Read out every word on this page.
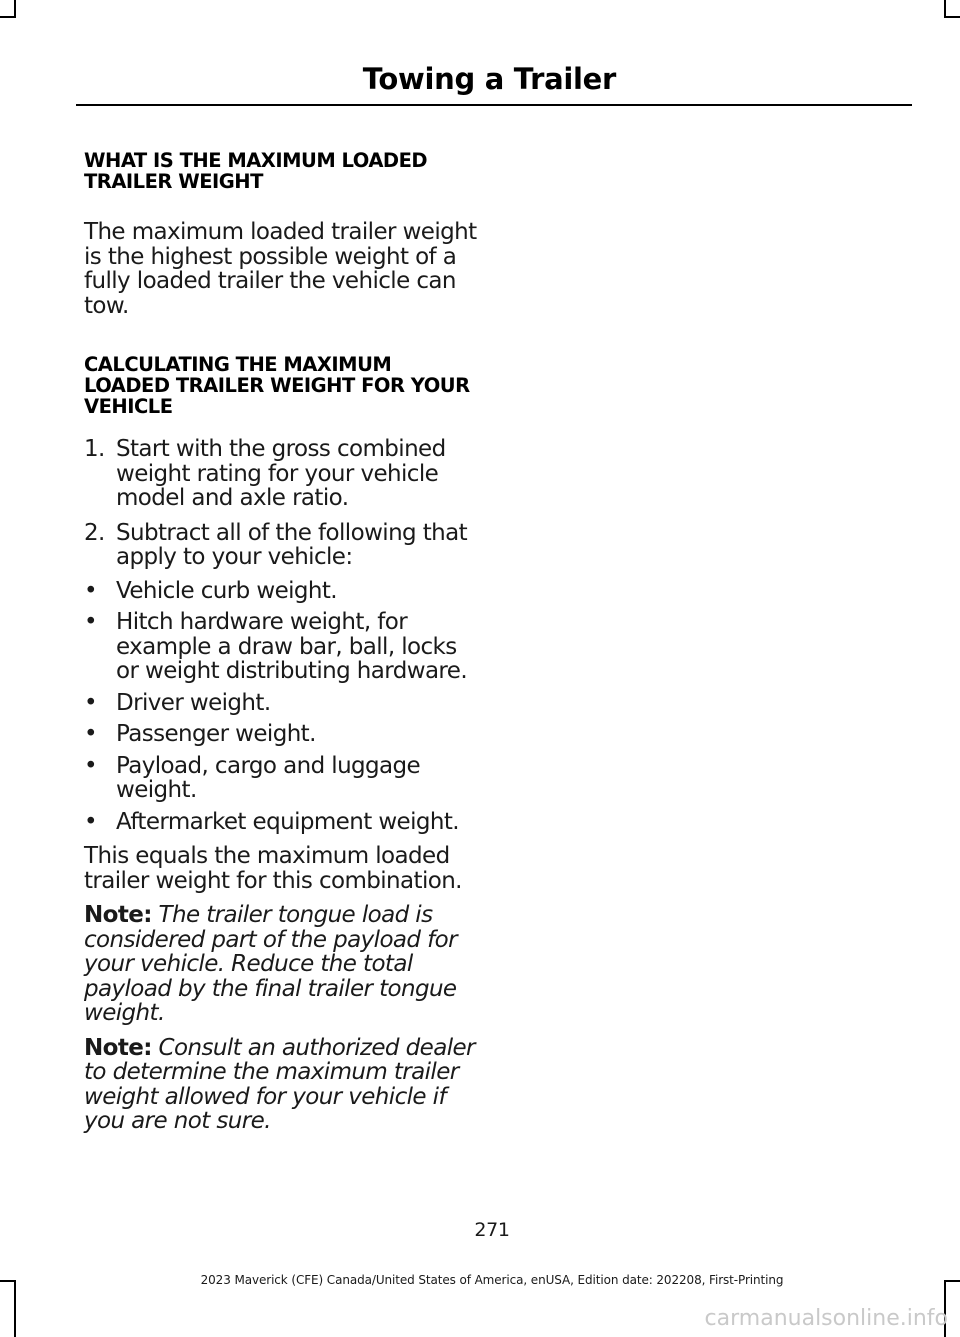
Towing a Trailer

WHAT IS THE MAXIMUM LOADED TRAILER WEIGHT

The maximum loaded trailer weight is the highest possible weight of a fully loaded trailer the vehicle can tow.

CALCULATING THE MAXIMUM LOADED TRAILER WEIGHT FOR YOUR VEHICLE

1. Start with the gross combined weight rating for your vehicle model and axle ratio.
2. Subtract all of the following that apply to your vehicle:
• Vehicle curb weight.
• Hitch hardware weight, for example a draw bar, ball, locks or weight distributing hardware.
• Driver weight.
• Passenger weight.
• Payload, cargo and luggage weight.
• Aftermarket equipment weight.

This equals the maximum loaded trailer weight for this combination.

Note: The trailer tongue load is considered part of the payload for your vehicle. Reduce the total payload by the final trailer tongue weight.

Note: Consult an authorized dealer to determine the maximum trailer weight allowed for your vehicle if you are not sure.

271
2023 Maverick (CFE) Canada/United States of America, enUSA, Edition date: 202208, First-Printing
carmanualsonline.info
